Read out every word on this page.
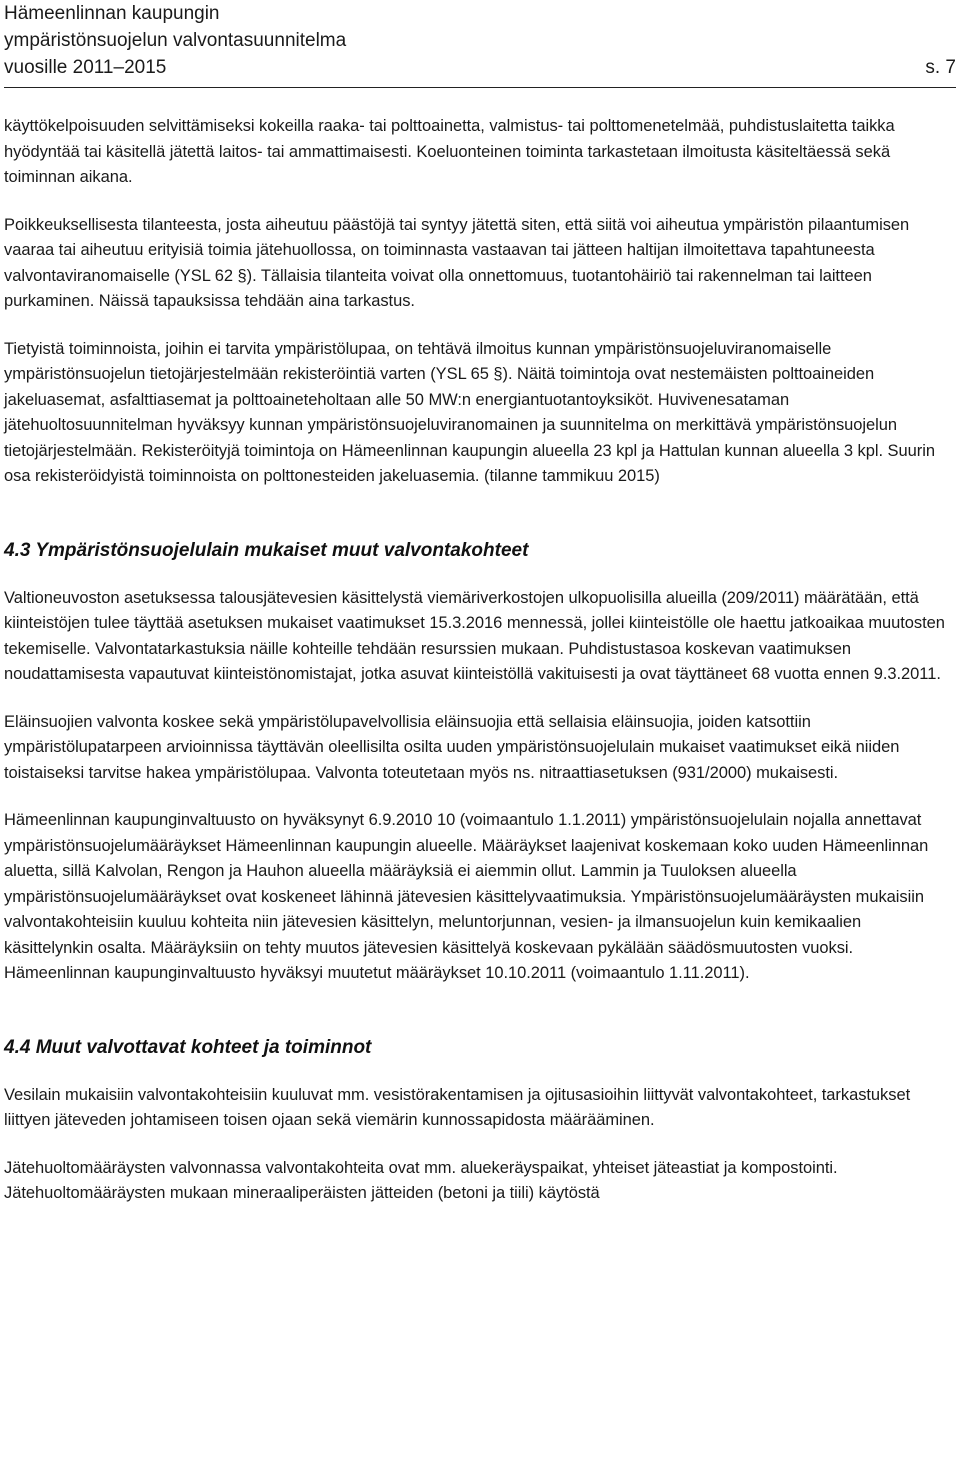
Hämeenlinnan kaupungin
ympäristönsuojelun valvontasuunnitelma
vuosille 2011–2015	s. 7

käyttökelpoisuuden selvittämiseksi kokeilla raaka- tai polttoainetta, valmistus- tai polttomenetelmää, puhdistuslaitetta taikka hyödyntää tai käsitellä jätettä laitos- tai ammattimaisesti. Koeluonteinen toiminta tarkastetaan ilmoitusta käsiteltäessä sekä toiminnan aikana.

Poikkeuksellisesta tilanteesta, josta aiheutuu päästöjä tai syntyy jätettä siten, että siitä voi aiheutua ympäristön pilaantumisen vaaraa tai aiheutuu erityisiä toimia jätehuollossa, on toiminnasta vastaavan tai jätteen haltijan ilmoitettava tapahtuneesta valvontaviranomaiselle (YSL 62 §). Tällaisia tilanteita voivat olla onnettomuus, tuotantohäiriö tai rakennelman tai laitteen purkaminen. Näissä tapauksissa tehdään aina tarkastus.

Tietyistä toiminnoista, joihin ei tarvita ympäristölupaa, on tehtävä ilmoitus kunnan ympäristönsuojeluviranomaiselle ympäristönsuojelun tietojärjestelmään rekisteröintiä varten (YSL 65 §). Näitä toimintoja ovat nestemäisten polttoaineiden jakeluasemat, asfalttiasemat ja polttoaineteholtaan alle 50 MW:n energiantuotantoyksiköt. Huvivenesataman jätehuoltosuunnitelman hyväksyy kunnan ympäristönsuojeluviranomainen ja suunnitelma on merkittävä ympäristönsuojelun tietojärjestelmään. Rekisteröityjä toimintoja on Hämeenlinnan kaupungin alueella 23 kpl ja Hattulan kunnan alueella 3 kpl. Suurin osa rekisteröidyistä toiminnoista on polttonesteiden jakeluasemia. (tilanne tammikuu 2015)

4.3 Ympäristönsuojelulain mukaiset muut valvontakohteet

Valtioneuvoston asetuksessa talousjätevesien käsittelystä viemäriverkostojen ulkopuolisilla alueilla (209/2011) määrätään, että kiinteistöjen tulee täyttää asetuksen mukaiset vaatimukset 15.3.2016 mennessä, jollei kiinteistölle ole haettu jatkoaikaa muutosten tekemiselle. Valvontatarkastuksia näille kohteille tehdään resurssien mukaan. Puhdistustasoa koskevan vaatimuksen noudattamisesta vapautuvat kiinteistönomistajat, jotka asuvat kiinteistöllä vakituisesti ja ovat täyttäneet 68 vuotta ennen 9.3.2011.

Eläinsuojien valvonta koskee sekä ympäristölupavelvollisia eläinsuojia että sellaisia eläinsuojia, joiden katsottiin ympäristölupatarpeen arvioinnissa täyttävän oleellisilta osilta uuden ympäristönsuojelulain mukaiset vaatimukset eikä niiden toistaiseksi tarvitse hakea ympäristölupaa. Valvonta toteutetaan myös ns. nitraattiasetuksen (931/2000) mukaisesti.

Hämeenlinnan kaupunginvaltuusto on hyväksynyt 6.9.2010 10 (voimaantulo 1.1.2011) ympäristönsuojelulain nojalla annettavat ympäristönsuojelumääräykset Hämeenlinnan kaupungin alueelle. Määräykset laajenivat koskemaan koko uuden Hämeenlinnan aluetta, sillä Kalvolan, Rengon ja Hauhon alueella määräyksiä ei aiemmin ollut. Lammin ja Tuuloksen alueella ympäristönsuojelumääräykset ovat koskeneet lähinnä jätevesien käsittelyvaatimuksia. Ympäristönsuojelumääräysten mukaisiin valvontakohteisiin kuuluu kohteita niin jätevesien käsittelyn, meluntorjunnan, vesien- ja ilmansuojelun kuin kemikaalien käsittelynkin osalta. Määräyksiin on tehty muutos jätevesien käsittelyä koskevaan pykälään säädösmuutosten vuoksi. Hämeenlinnan kaupunginvaltuusto hyväksyi muutetut määräykset 10.10.2011 (voimaantulo 1.11.2011).

4.4 Muut valvottavat kohteet ja toiminnot

Vesilain mukaisiin valvontakohteisiin kuuluvat mm. vesistörakentamisen ja ojitusasioihin liittyvät valvontakohteet, tarkastukset liittyen jäteveden johtamiseen toisen ojaan sekä viemärin kunnossapidosta määrääminen.

Jätehuoltomääräysten valvonnassa valvontakohteita ovat mm. aluekeräyspaikat, yhteiset jäteastiat ja kompostointi. Jätehuoltomääräysten mukaan mineraaliperäisten jätteiden (betoni ja tiili) käytöstä
